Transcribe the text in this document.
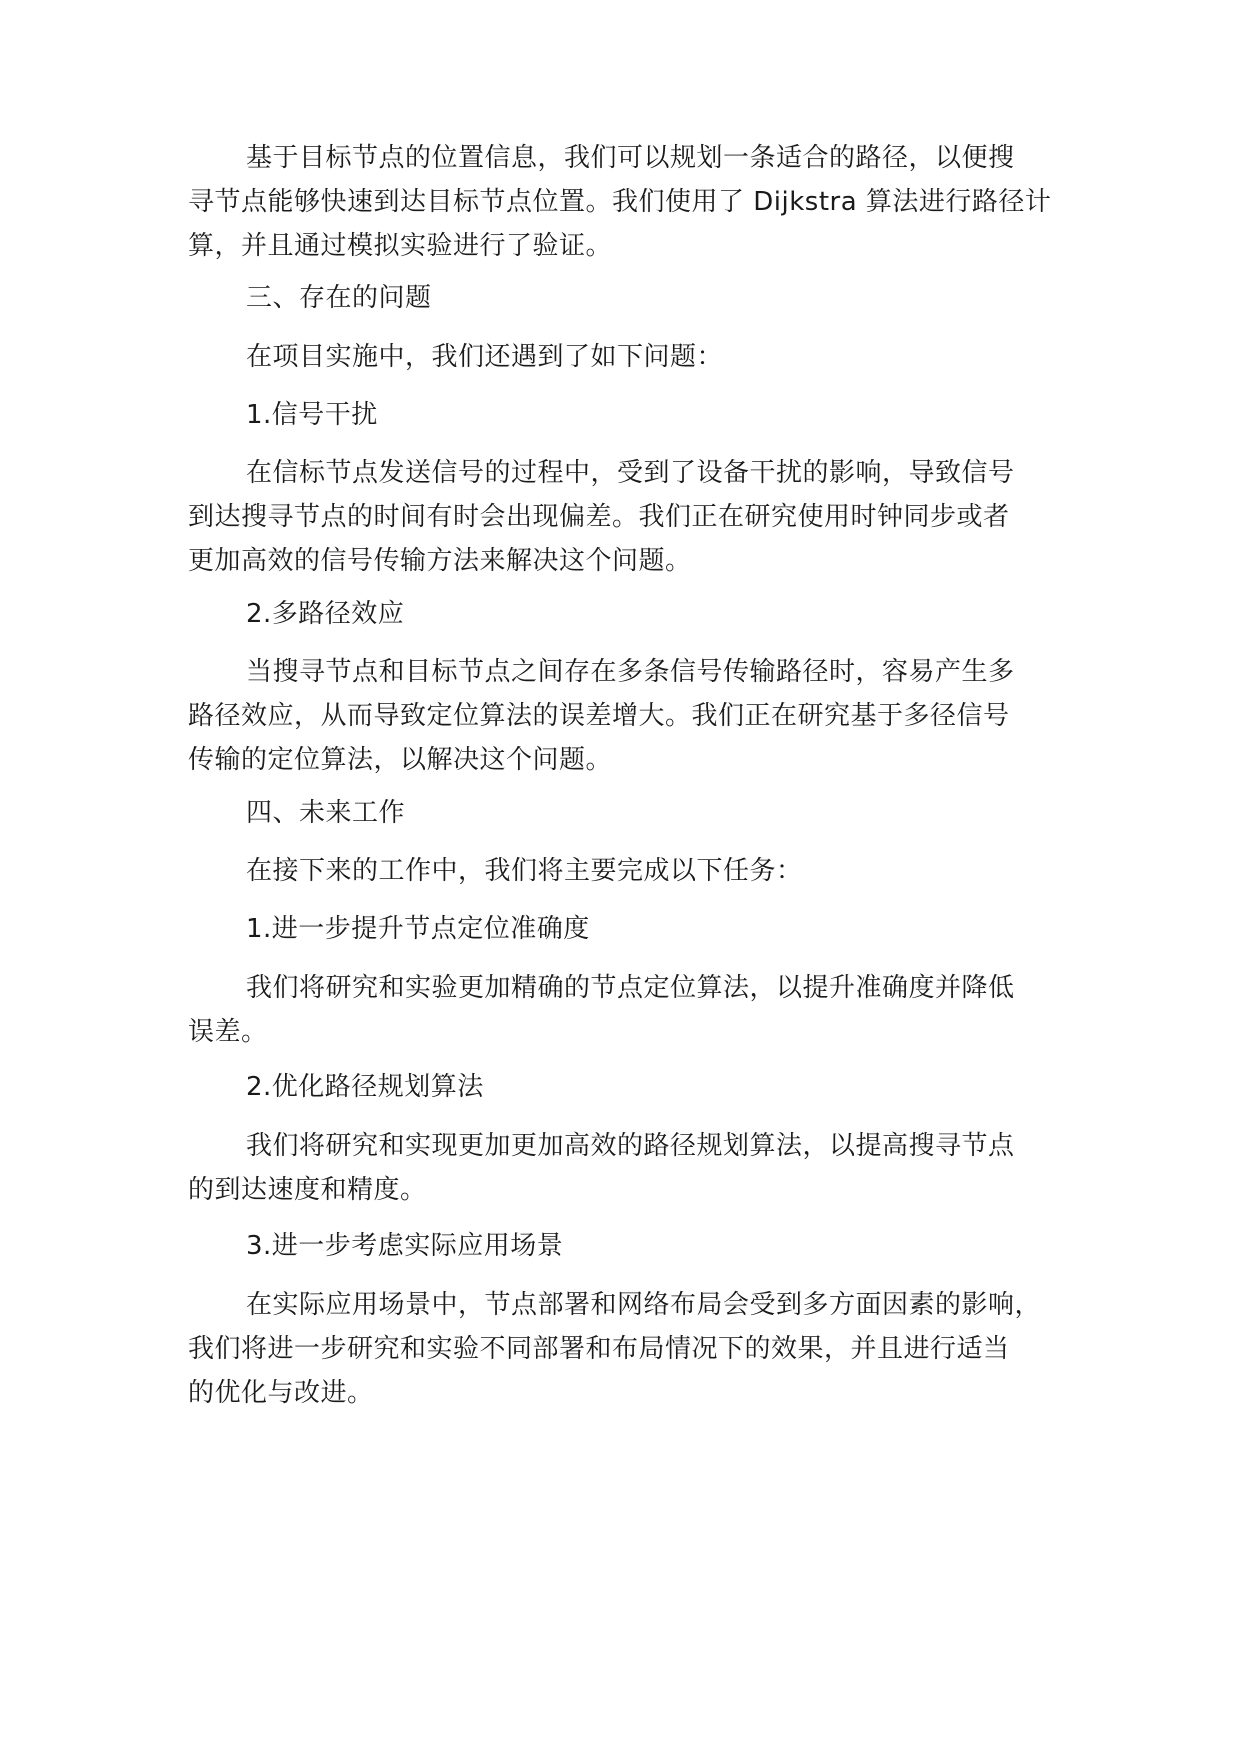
基于目标节点的位置信息，我们可以规划一条适合的路径，以便搜
寻节点能够快速到达目标节点位置。我们使用了 Dijkstra 算法进行路径计
算，并且通过模拟实验进行了验证。
三、存在的问题
在项目实施中，我们还遇到了如下问题：
1.信号干扰
在信标节点发送信号的过程中，受到了设备干扰的影响，导致信号
到达搜寻节点的时间有时会出现偏差。我们正在研究使用时钟同步或者
更加高效的信号传输方法来解决这个问题。
2.多路径效应
当搜寻节点和目标节点之间存在多条信号传输路径时，容易产生多
路径效应，从而导致定位算法的误差增大。我们正在研究基于多径信号
传输的定位算法，以解决这个问题。
四、未来工作
在接下来的工作中，我们将主要完成以下任务：
1.进一步提升节点定位准确度
我们将研究和实验更加精确的节点定位算法，以提升准确度并降低
误差。
2.优化路径规划算法
我们将研究和实现更加更加高效的路径规划算法，以提高搜寻节点
的到达速度和精度。
3.进一步考虑实际应用场景
在实际应用场景中，节点部署和网络布局会受到多方面因素的影响，
我们将进一步研究和实验不同部署和布局情况下的效果，并且进行适当
的优化与改进。
